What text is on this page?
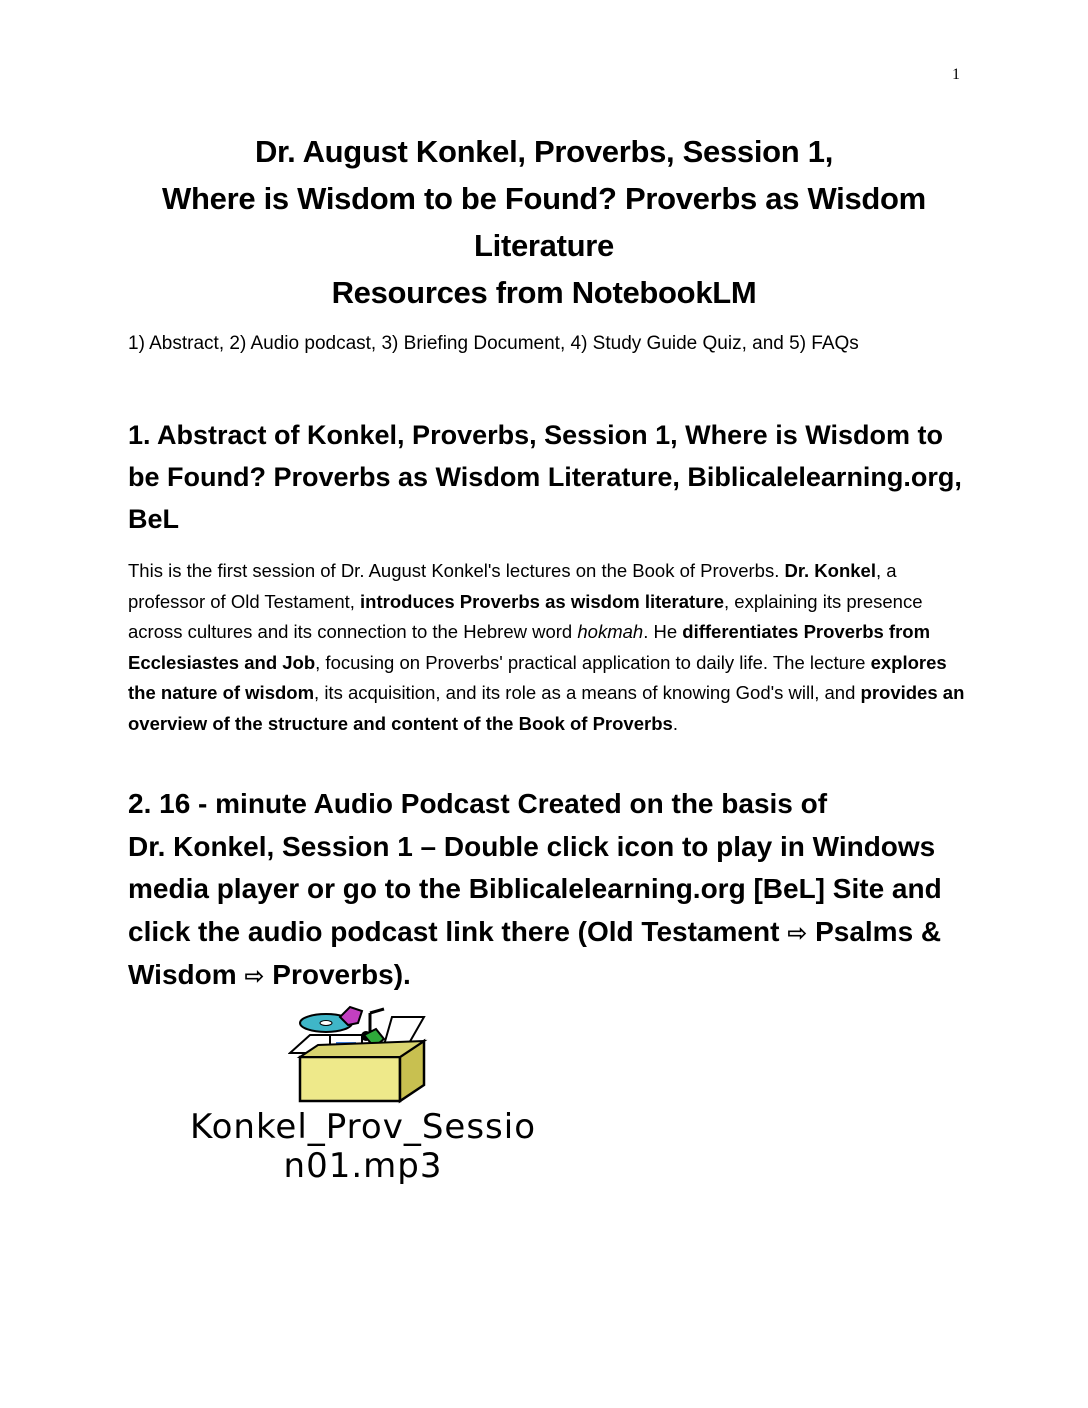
1
Dr. August Konkel, Proverbs, Session 1,
Where is Wisdom to be Found? Proverbs as Wisdom
Literature
Resources from NotebookLM
1) Abstract, 2) Audio podcast, 3) Briefing Document, 4) Study Guide Quiz, and 5) FAQs
1. Abstract of Konkel, Proverbs, Session 1, Where is Wisdom to be Found? Proverbs as Wisdom Literature, Biblicalelearning.org, BeL
This is the first session of Dr. August Konkel's lectures on the Book of Proverbs. Dr. Konkel, a professor of Old Testament, introduces Proverbs as wisdom literature, explaining its presence across cultures and its connection to the Hebrew word hokmah. He differentiates Proverbs from Ecclesiastes and Job, focusing on Proverbs' practical application to daily life. The lecture explores the nature of wisdom, its acquisition, and its role as a means of knowing God's will, and provides an overview of the structure and content of the Book of Proverbs.
2. 16 - minute Audio Podcast Created on the basis of
Dr. Konkel, Session 1 – Double click icon to play in Windows media player or go to the Biblicalelearning.org [BeL] Site and click the audio podcast link there (Old Testament ⇨ Psalms & Wisdom ⇨ Proverbs).
Konkel_Prov_Sessio
n01.mp3
